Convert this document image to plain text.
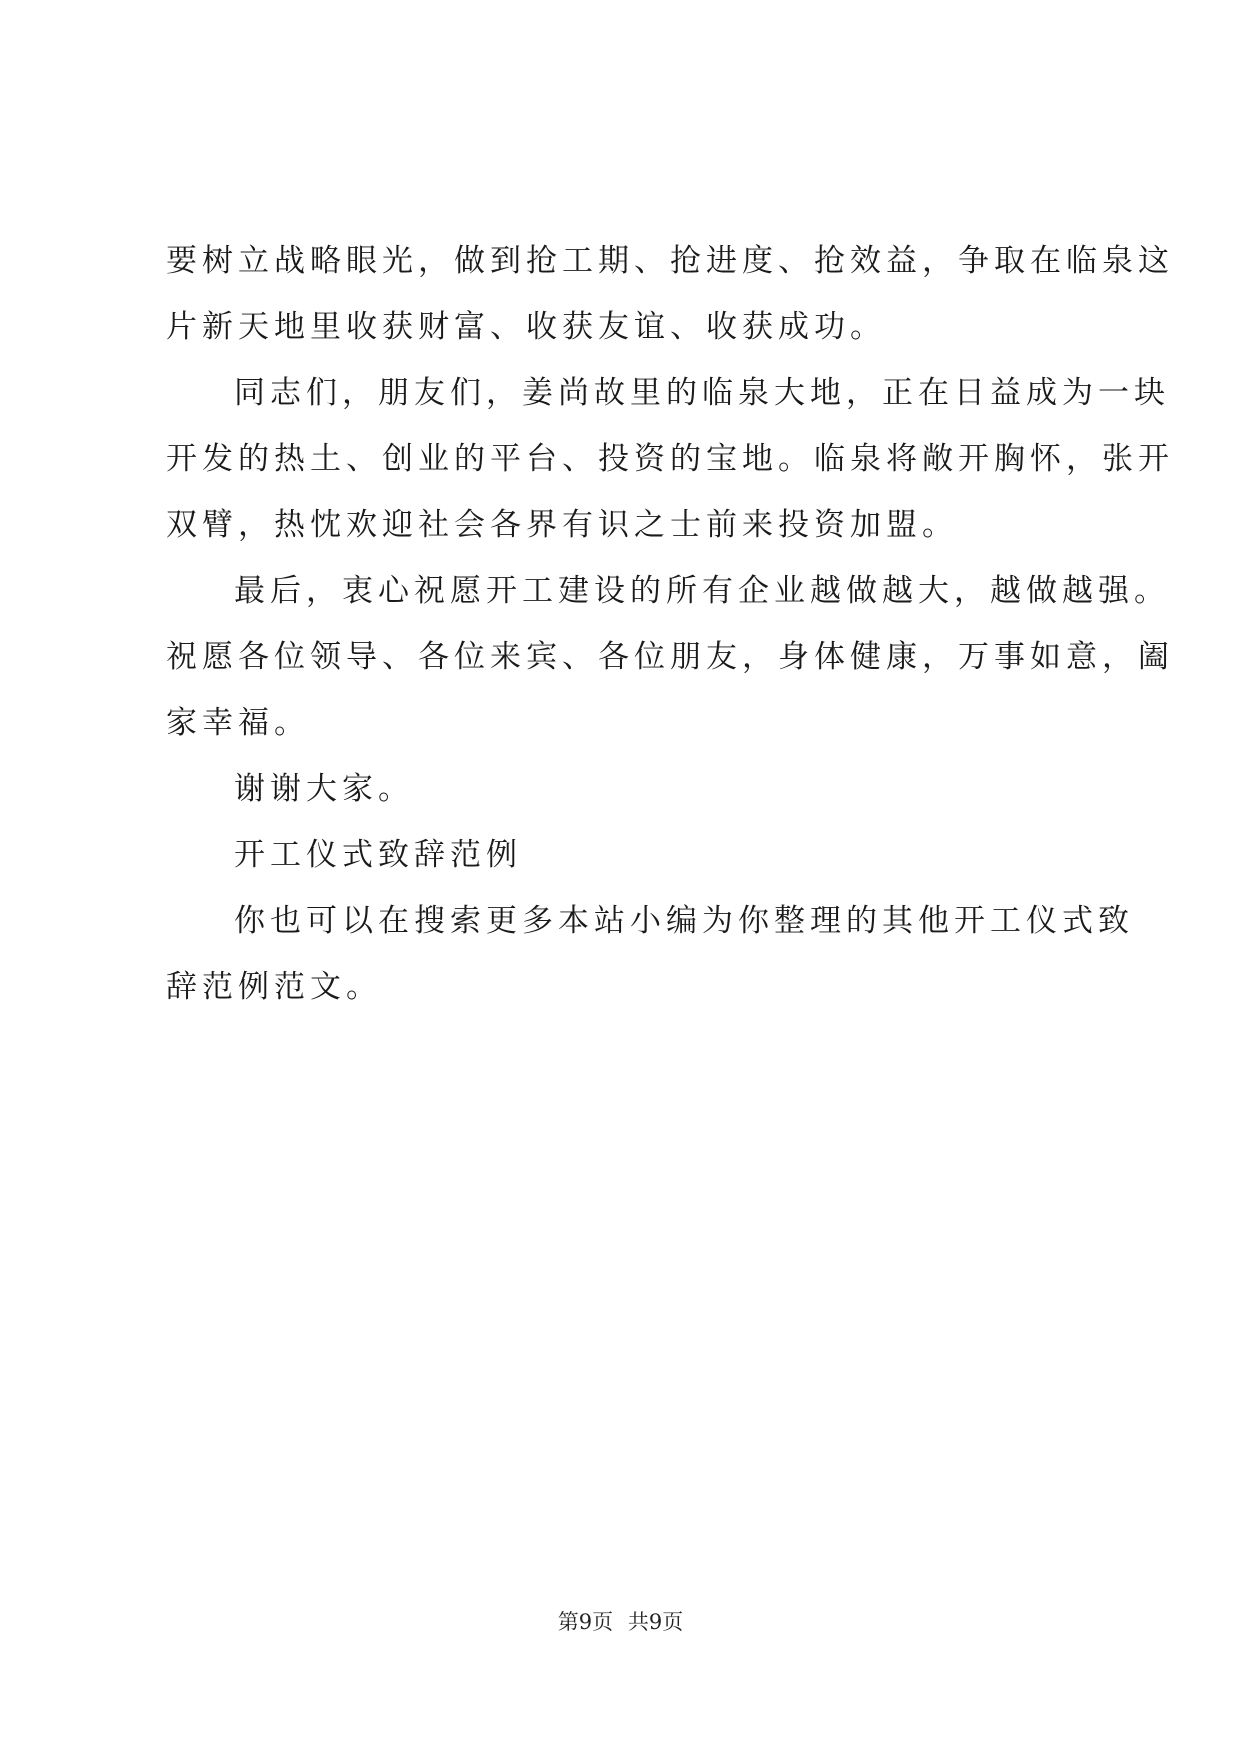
要树立战略眼光，做到抢工期、抢进度、抢效益，争取在临泉这
片新天地里收获财富、收获友谊、收获成功。
同志们，朋友们，姜尚故里的临泉大地，正在日益成为一块
开发的热土、创业的平台、投资的宝地。临泉将敞开胸怀，张开
双臂，热忱欢迎社会各界有识之士前来投资加盟。
最后，衷心祝愿开工建设的所有企业越做越大，越做越强。
祝愿各位领导、各位来宾、各位朋友，身体健康，万事如意，阖
家幸福。
谢谢大家。
开工仪式致辞范例
你也可以在搜索更多本站小编为你整理的其他开工仪式致
辞范例范文。
第9页 共9页
